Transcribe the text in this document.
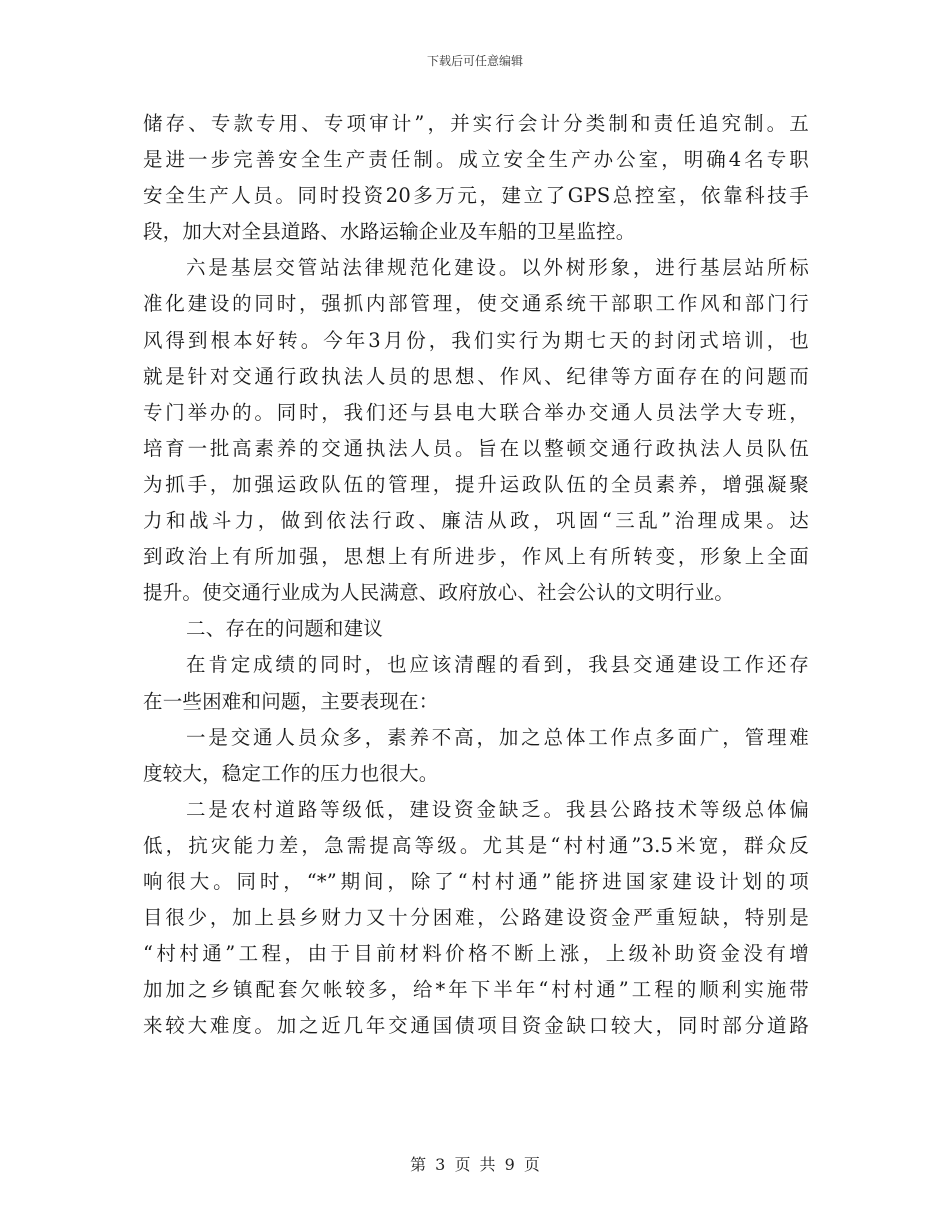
下载后可任意编辑
储存、专款专用、专项审计”，并实行会计分类制和责任追究制。五
是进一步完善安全生产责任制。成立安全生产办公室，明确4名专职
安全生产人员。同时投资20多万元，建立了GPS总控室，依靠科技手
段，加大对全县道路、水路运输企业及车船的卫星监控。
六是基层交管站法律规范化建设。以外树形象，进行基层站所标
准化建设的同时，强抓内部管理，使交通系统干部职工作风和部门行
风得到根本好转。今年3月份，我们实行为期七天的封闭式培训，也
就是针对交通行政执法人员的思想、作风、纪律等方面存在的问题而
专门举办的。同时，我们还与县电大联合举办交通人员法学大专班，
培育一批高素养的交通执法人员。旨在以整顿交通行政执法人员队伍
为抓手，加强运政队伍的管理，提升运政队伍的全员素养，增强凝聚
力和战斗力，做到依法行政、廉洁从政，巩固“三乱”治理成果。达
到政治上有所加强，思想上有所进步，作风上有所转变，形象上全面
提升。使交通行业成为人民满意、政府放心、社会公认的文明行业。
二、存在的问题和建议
在肯定成绩的同时，也应该清醒的看到，我县交通建设工作还存
在一些困难和问题，主要表现在：
一是交通人员众多，素养不高，加之总体工作点多面广，管理难
度较大，稳定工作的压力也很大。
二是农村道路等级低，建设资金缺乏。我县公路技术等级总体偏
低，抗灾能力差，急需提高等级。尤其是“村村通”3.5米宽，群众反
响很大。同时，“*”期间，除了“村村通”能挤进国家建设计划的项
目很少，加上县乡财力又十分困难，公路建设资金严重短缺，特别是
“村村通”工程，由于目前材料价格不断上涨，上级补助资金没有增
加加之乡镇配套欠帐较多，给*年下半年“村村通”工程的顺利实施带
来较大难度。加之近几年交通国债项目资金缺口较大，同时部分道路
第 3 页 共 9 页
